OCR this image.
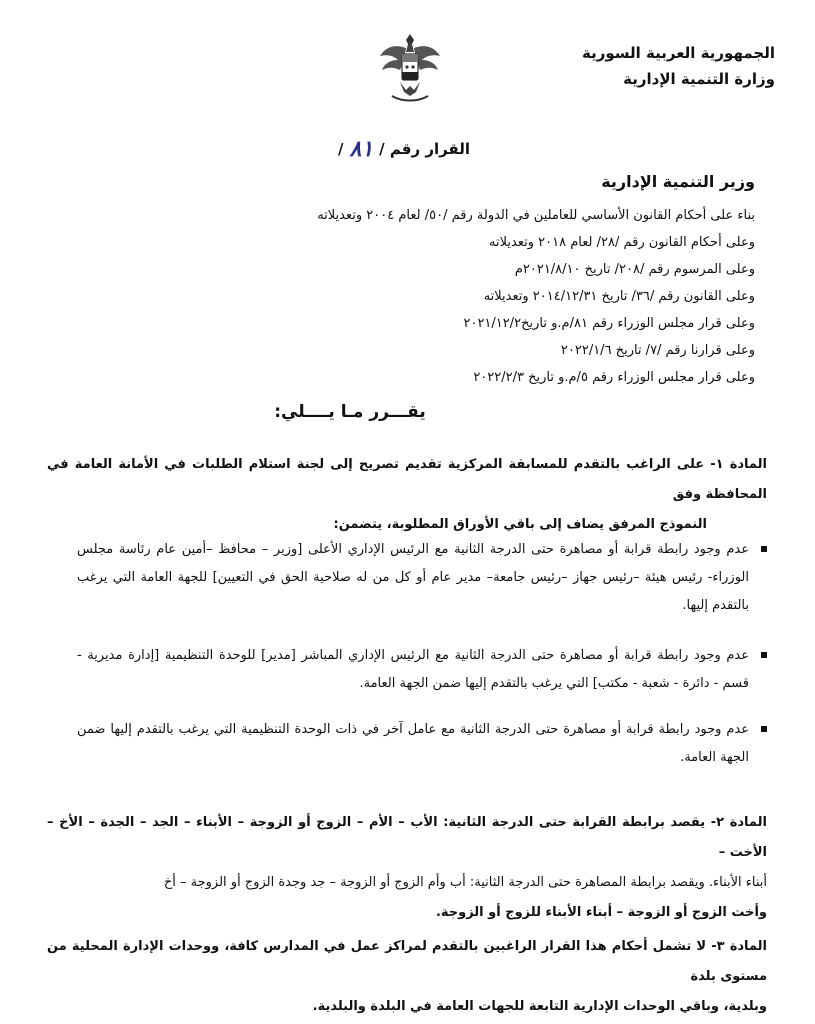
الجمهورية العربية السورية
وزارة التنمية الإدارية
القرار رقم /
٨١
/
وزير التنمية الإدارية
بناء على أحكام القانون الأساسي للعاملين في الدولة رقم /٥٠/ لعام ٢٠٠٤ وتعديلاته
وعلى أحكام القانون رقم /٢٨/ لعام ٢٠١٨ وتعديلاته
وعلى المرسوم رقم /٢٠٨/ تاريخ ٢٠٢١/٨/١٠م
وعلى القانون رقم /٣٦/ تاريخ ٢٠١٤/١٢/٣١ وتعديلاته
وعلى قرار مجلس الوزراء رقم ٨١/م.و تاريخ٢٠٢١/١٢/٢
وعلى قرارنا رقم /٧/ تاريخ ٢٠٢٢/١/٦
وعلى قرار مجلس الوزراء رقم ٥/م.و تاريخ ٢٠٢٢/٢/٣
يقـــرر مـا يــــلي:
المادة ١- على الراغب بالتقدم للمسابقة المركزية تقديم تصريح إلى لجنة استلام الطلبات في الأمانة العامة في المحافظة وفق
النموذج المرفق يضاف إلى باقي الأوراق المطلوبة، يتضمن:
عدم وجود رابطة قرابة أو مصاهرة حتى الدرجة الثانية مع الرئيس الإداري الأعلى [وزير – محافظ –أمين عام رئاسة مجلس الوزراء- رئيس هيئة –رئيس جهاز –رئيس جامعة– مدير عام أو كل من له صلاحية الحق في التعيين] للجهة العامة التي يرغب بالتقدم إليها.
عدم وجود رابطة قرابة أو مصاهرة حتى الدرجة الثانية مع الرئيس الإداري المباشر [مدير] للوحدة التنظيمية [إدارة مديرية - قسم - دائرة - شعبة - مكتب] التي يرغب بالتقدم إليها ضمن الجهة العامة.
عدم وجود رابطة قرابة أو مصاهرة حتى الدرجة الثانية مع عامل آخر في ذات الوحدة التنظيمية التي يرغب بالتقدم إليها ضمن الجهة العامة.
المادة ٢- يقصد برابطة القرابة حتى الدرجة الثانية: الأب – الأم – الزوج أو الزوجة – الأبناء – الجد – الجدة – الأخ – الأخت –
أبناء الأبناء. ويقصد برابطة المصاهرة حتى الدرجة الثانية: أب وأم الزوج أو الزوجة – جد وجدة الزوج أو الزوجة – أخ
وأخت الزوج أو الزوجة – أبناء الأبناء للزوج أو الزوجة.
المادة ٣- لا تشمل أحكام هذا القرار الراغبين بالتقدم لمراكز عمل في المدارس كافة، ووحدات الإدارة المحلية من مستوى بلدة
وبلدية، وباقي الوحدات الإدارية التابعة للجهات العامة في البلدة والبلدية.
